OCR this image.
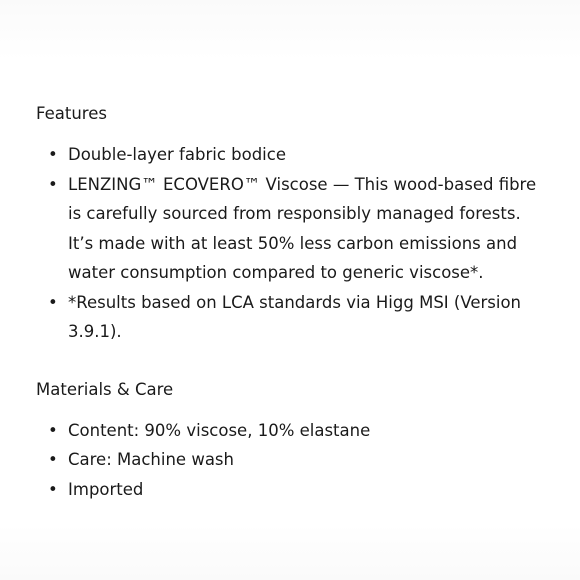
Features
• Double-layer fabric bodice
• LENZING™ ECOVERO™ Viscose — This wood-based fibre is carefully sourced from responsibly managed forests. It’s made with at least 50% less carbon emissions and water consumption compared to generic viscose*.
• *Results based on LCA standards via Higg MSI (Version 3.9.1).
Materials & Care
• Content: 90% viscose, 10% elastane
• Care: Machine wash
• Imported
